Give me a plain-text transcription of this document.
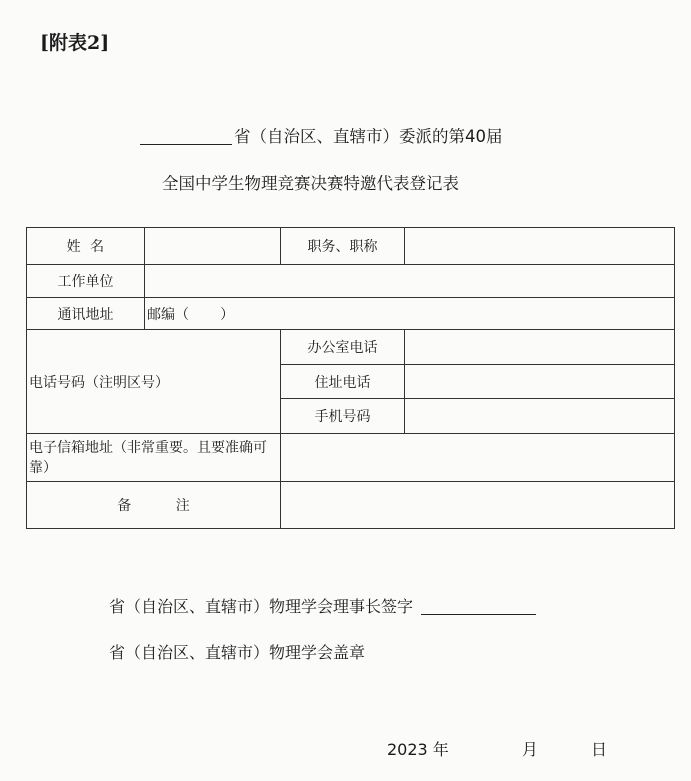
[附表2]
省（自治区、直辖市）委派的第40届
全国中学生物理竞赛决赛特邀代表登记表
姓  名		职务、职称	
工作单位			
通讯地址	邮编（       ）		
电话号码（注明区号）		办公室电话	
		住址电话	
		手机号码	
电子信箱地址（非常重要。且要准确可靠）			
备          注			
省（自治区、直辖市）物理学会理事长签字
省（自治区、直辖市）物理学会盖章
2023 年	月	日
